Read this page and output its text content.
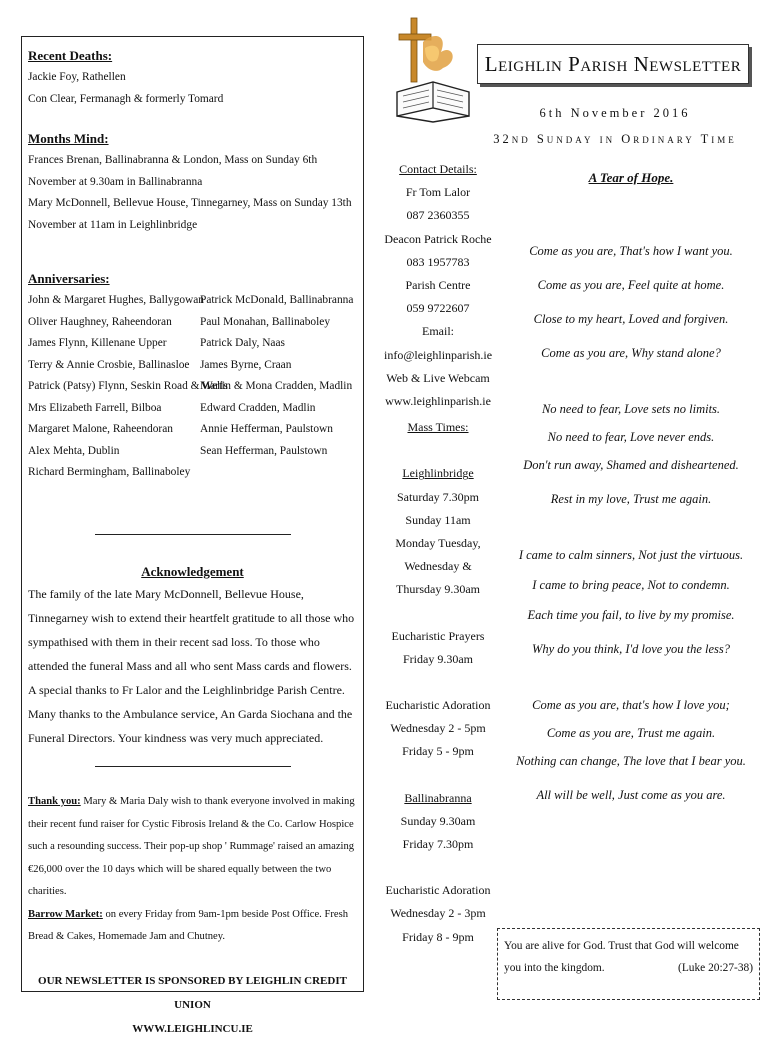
Recent Deaths:
Jackie Foy, Rathellen
Con Clear, Fermanagh & formerly Tomard
Months Mind:
Frances Brenan, Ballinabranna & London, Mass on Sunday 6th November at 9.30am in Ballinabranna
Mary McDonnell, Bellevue House, Tinnegarney, Mass on Sunday 13th November at 11am in Leighlinbridge
Anniversaries:
John & Margaret Hughes, Ballygowan
Oliver Haughney, Raheendoran
James Flynn, Killenane Upper
Terry & Annie Crosbie, Ballinasloe
Patrick (Patsy) Flynn, Seskin Road & Wells
Mrs Elizabeth Farrell, Bilboa
Margaret Malone, Raheendoran
Alex Mehta, Dublin
Richard Bermingham, Ballinaboley
Patrick McDonald, Ballinabranna
Paul Monahan, Ballinaboley
Patrick Daly, Naas
James Byrne, Craan
Martin & Mona Cradden, Madlin
Edward Cradden, Madlin
Annie Hefferman, Paulstown
Sean Hefferman, Paulstown
Acknowledgement
The family of the late Mary McDonnell, Bellevue House, Tinnegarney wish to extend their heartfelt gratitude to all those who sympathised with them in their recent sad loss. To those who attended the funeral Mass and all who sent Mass cards and flowers. A special thanks to Fr Lalor and the Leighlinbridge Parish Centre. Many thanks to the Ambulance service, An Garda Siochana and the Funeral Directors. Your kindness was very much appreciated.
Thank you: Mary & Maria Daly wish to thank everyone involved in making their recent fund raiser for Cystic Fibrosis Ireland & the Co. Carlow Hospice such a resounding success. Their pop-up shop ' Rummage' raised an amazing €26,000 over the 10 days which will be shared equally between the two charities.
Barrow Market: on every Friday from 9am-1pm beside Post Office. Fresh Bread & Cakes, Homemade Jam and Chutney.
OUR NEWSLETTER IS SPONSORED BY LEIGHLIN CREDIT UNION
WWW.LEIGHLINCU.IE
Leighlin Parish Newsletter
6th November 2016
32nd Sunday in Ordinary Time
Contact Details:
Fr Tom Lalor
087 2360355
Deacon Patrick Roche
083 1957783
Parish Centre
059 9722607
Email:
info@leighlinparish.ie
Web & Live Webcam
www.leighlinparish.ie
Mass Times:
Leighlinbridge
Saturday 7.30pm
Sunday 11am
Monday Tuesday,
Wednesday &
Thursday 9.30am
Eucharistic Prayers
Friday 9.30am
Eucharistic Adoration
Wednesday 2 - 5pm
Friday 5 - 9pm
Ballinabranna
Sunday 9.30am
Friday 7.30pm
Eucharistic Adoration
Wednesday 2 - 3pm
Friday 8 - 9pm
A Tear of Hope.
Come as you are, That's how I want you.
Come as you are, Feel quite at home.
Close to my heart, Loved and forgiven.
Come as you are, Why stand alone?
No need to fear, Love sets no limits.
No need to fear, Love never ends.
Don't run away, Shamed and disheartened.
Rest in my love, Trust me again.
I came to calm sinners, Not just the virtuous.
I came to bring peace, Not to condemn.
Each time you fail, to live by my promise.
Why do you think, I'd love you the less?
Come as you are, that's how I love you;
Come as you are, Trust me again.
Nothing can change, The love that I bear you.
All will be well, Just come as you are.
You are alive for God. Trust that God will welcome you into the kingdom.	(Luke 20:27-38)
